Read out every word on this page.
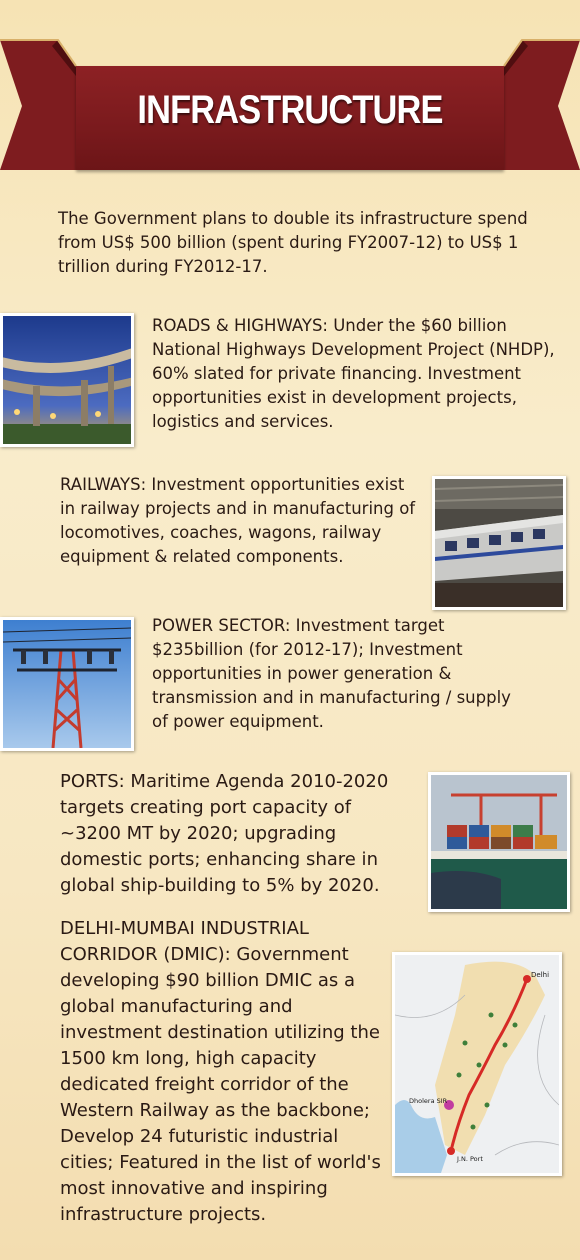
INFRASTRUCTURE
The Government plans to double its infrastructure spend from US$ 500 billion (spent during FY2007-12) to US$ 1 trillion during FY2012-17.
ROADS & HIGHWAYS: Under the $60 billion National Highways Development Project (NHDP), 60% slated for private financing. Investment opportunities exist in development projects, logistics and services.
RAILWAYS: Investment opportunities exist in railway projects and in manufacturing of locomotives, coaches, wagons, railway equipment & related components.
POWER SECTOR: Investment target $235billion (for 2012-17); Investment opportunities in power generation & transmission and in manufacturing / supply of power equipment.
PORTS: Maritime Agenda 2010-2020 targets creating port capacity of ~3200 MT by 2020; upgrading domestic ports; enhancing share in global ship-building to 5% by 2020.
DELHI-MUMBAI INDUSTRIAL CORRIDOR (DMIC): Government developing $90 billion DMIC as a global manufacturing and investment destination utilizing the 1500 km long, high capacity dedicated freight corridor of the Western Railway as the backbone; Develop 24 futuristic industrial cities; Featured in the list of world's most innovative and inspiring infrastructure projects.
Delhi
Dholera SIR
J.N. Port
